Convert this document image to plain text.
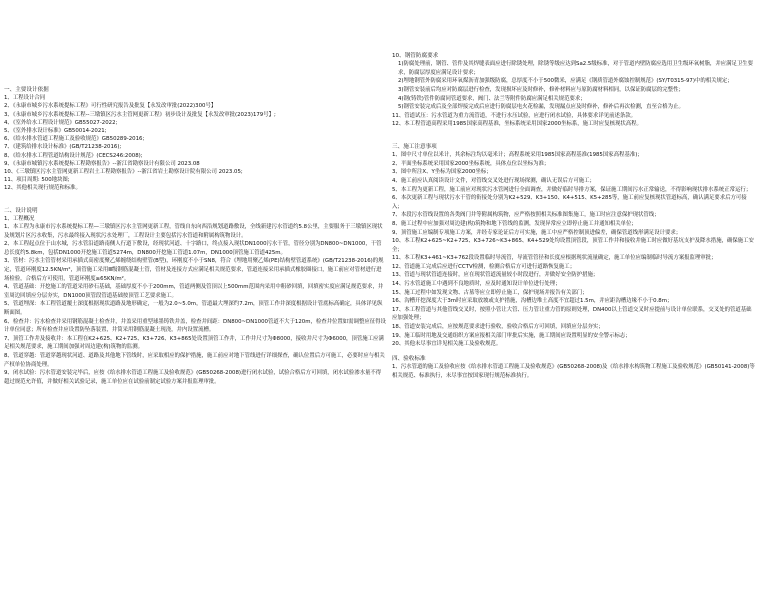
一、主要设计依据

1、工程设计合同

2、《永康市城乡污水系统提标工程》可行性研究报告及批复【永发改审批(2022)300号】

3、《永康市城乡污水系统提标工程--三墩镇区污水主管网更新工程》初步设计及批复【永发改审批(2023)179号】;

4、《室外给水工程设计规范》GB55027-2022;

5、《室外排水设计标准》GB50014-2021;

6、《给水排水管道工程施工及验收规范》GB50289-2016;

7、《建筑给排水设计标准》(GB/T21238-2016);

8、《给水排水工程管道结构设计规范》(CECS246:2008);

9、《永康市城镇污水系统提标工程勘察报告》--浙江省勘察设计有限公司 2023.08

10、《三墩镇区污水主管网更新工程岩土工程勘察报告》--浙江省岩土勘察设计院有限公司 2023.05;

11、项目周期: 500地块图;

12、其他相关现行规范和标准。

二、设计说明

1、工程概况

1、本工程为永康市污水系统提标工程—三墩镇区污水主管网更新工程，管线自东向西沿规划道路敷设，全线新建污水管道约5.8公里，主要服务于三墩镇区现状及规划片区污水收集，污水最终接入现状污水处理厂，工程设计主要包括污水管道和附属构筑物设计。

2、本工程起点位于山水城，污水管沿道路南侧人行道下敷设，经现状河道、十字路口，终点接入现状DN1000污水干管，管径分别为DN800~DN1000，干管总长度约5.8km，包括DN1000开挖施工管道5274m，DN800开挖施工管道1.07m，DN1000顶管施工管道425m。

3、管材：污水主管管材采用承插式高密度聚乙烯缠绕结构壁管(B型)，环刚度不小于SN8，符合《埋地用聚乙烯(PE)结构壁管道系统》(GB/T21238-2016)的规定，管道环刚度12.5KN/m²，顶管施工采用Ⅲ级钢筋混凝土管，管材及连接方式应满足相关规范要求，管道连接采用承插式橡胶圈接口，施工前应对管材进行进场检验，合格后方可使用，管道环刚度≥65KN/m²。

4、管道基础：开挖施工的管道采用砂石基础，基础厚度不小于200mm，管道两侧及管顶以上500mm范围内采用中粗砂回填，回填密实度应满足规范要求，井室周边回填应分层夯实，DN1000顶管段管道基础按顶管工艺要求施工。

5、管道埋深：本工程管道覆土深度根据现状道路及地形确定，一般为2.0~5.0m，管道最大埋深约7.2m，顶管工作井深度根据设计管底标高确定，具体详见纵断面图。

6、检查井：污水检查井采用钢筋混凝土检查井，井盖采用重型球墨铸铁井盖，检查井间距：DN800~DN1000管道不大于120m，检查井位置如需调整应征得设计单位同意；所有检查井应设置防坠落装置，井筒采用钢筋混凝土现浇，井内设置流槽。

7、顶管工作井及接收井：本工程在K2+625、K2+725、K3+726、K3+865处设置顶管工作井，工作井尺寸为Φ8000，接收井尺寸为Φ6000，顶管施工应满足相关规范要求，施工期间加强对周边建(构)筑物的监测。

8、管道穿越：管道穿越现状河道、道路及其他地下管线时，应采取相应的保护措施，施工前应对地下管线进行详细探查，确认位置后方可施工，必要时应与相关产权单位协商处理。

9、闭水试验：污水管道安装完毕后，应按《给水排水管道工程施工及验收规范》(GB50268-2008)进行闭水试验，试验合格后方可回填，闭水试验渗水量不得超过规范允许值，并做好相关试验记录，施工单位应在试验前制定试验方案并报监理审批。

10、钢管防腐要求

1)防腐处理前，钢管、管件及其焊缝表面应进行除锈处理，除锈等级应达到Sa2.5级标准，对于管道内壁防腐应选用卫生级环氧树脂，并应满足卫生要求，防腐层厚度应满足设计要求；

2)埋地钢管外防腐采用环氧煤沥青加强级防腐，总厚度不小于500微米，应满足《钢质管道外腐蚀控制规范》(SY/T0315-97)中的相关规定；

3)钢管安装前后均应对防腐层进行检查，发现损坏应及时修补，修补材料应与原防腐材料相同，以保证防腐层的完整性；

4)钢(铸铁)管件防腐同管道要求，阀门、法兰等附件防腐应满足相关规范要求；

5)钢管安装完成后及全部焊接完成后应进行防腐层电火花检漏，发现漏点应及时修补，修补后再次检测，直至合格为止。

11、管道试压：污水管道为重力流管道，不进行水压试验，应进行闭水试验，具体要求详见前述条款。

12、本工程管道高程采用1985国家高程基准，坐标系统采用国家2000坐标系，施工时应复核现状高程。

三、施工注意事项

1、图中尺寸单位以米计，其余标注均以毫米计；高程系统采用1985国家高程基准(1985国家高程基准)；

2、平面坐标系统采用国家2000坐标系统，具体点位以坐标为准；

3、图中所注X、Y坐标为国家2000坐标；

4、施工前应认真阅读设计文件，对管线交叉处进行现场探测，确认无误后方可施工；

5、本工程为更新工程，施工前应对现状污水管网进行全面调查，并做好临时导排方案，保证施工期间污水正常输送，不得影响现状排水系统正常运行；

6、本次更新工程与现状污水干管的衔接处分别为K2+529、K3+150、K4+515、K5+285等，施工前应复核现状管道标高，确认满足要求后方可接入；

7、本段污水管线设置的各类阀门井等附属构筑物，应严格按照相关标准图集施工，施工时应注意保护现状管线；

8、施工过程中应加强对周边建(构)筑物和地下管线的监测，发现异常应立即停止施工并通知相关单位；

9、顶管施工应编制专项施工方案，并经专家论证后方可实施，施工中应严格控制顶进偏差，确保管道线形满足设计要求；

10、本工程K2+625~K2+725、K3+726~K3+865、K4+529处均设置顶管段，顶管工作井和接收井施工时应做好基坑支护及降水措施，确保施工安全；

11、本工程K3+461~K3+762段设置临时导流管，导流管管径和长度应根据现状流量确定，施工单位应编制临时导流方案报监理审批；

12、管道施工完成后应进行CCTV检测，检测合格后方可进行道路恢复施工；

13、管道与现状管道连接时，应在现状管道流量较小时段进行，并做好安全防护措施；

14、污水管道施工中遇到不良地质时，应及时通知设计单位进行处理；

15、施工过程中如发现文物、古墓等应立即停止施工，保护现场并报告有关部门；

16、沟槽开挖深度大于3m时应采取放坡或支护措施，沟槽边堆土高度不宜超过1.5m，并应距沟槽边缘不小于0.8m；

17、本工程管道与其他管线交叉时，按照小管让大管、压力管让重力管的原则处理，DN400以上管道交叉时应提前与设计单位联系，交叉处的管道基础应加强处理；

18、管道安装完成后，应按规范要求进行验收，验收合格后方可回填，回填应分层夯实；

19、施工临时用地及交通组织方案应报相关部门审批后实施，施工期间应设置明显的安全警示标志；

20、其他未尽事宜详见相关施工及验收规范。

四、验收标准

1、污水管道的施工及验收应按《给水排水管道工程施工及验收规范》(GB50268-2008)及《给水排水构筑物工程施工及验收规范》(GB50141-2008)等相关规范、标准执行，未尽事宜按国家现行规范标准执行。
